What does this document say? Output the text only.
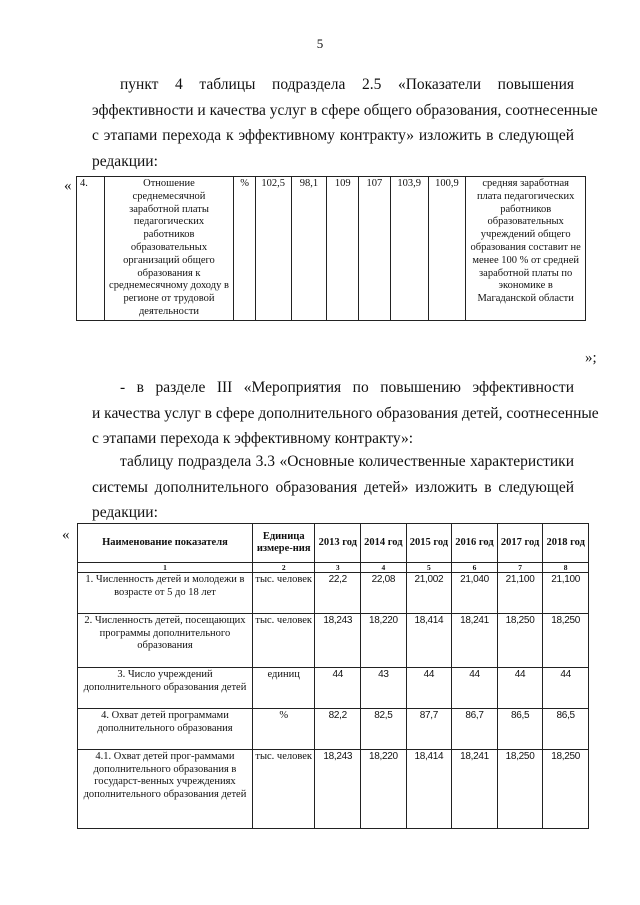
5
пункт 4 таблицы подраздела 2.5 «Показатели повышения
эффективности и качества услуг в сфере общего образования, соотнесенные
с этапами перехода к эффективному контракту» изложить в следующей
редакции:
« 4.	Отношение среднемесячной заработной платы педагогических работников образовательных организаций общего образования к среднемесячному доходу в регионе от трудовой деятельности	%	102,5	98,1	109	107	103,9	100,9	средняя заработная плата педагогических работников образовательных учреждений общего образования составит не менее 100 % от средней заработной платы по экономике в Магаданской области
»;
- в разделе III «Мероприятия по повышению эффективности
и качества услуг в сфере дополнительного образования детей, соотнесенные
с этапами перехода к эффективному контракту»:
таблицу подраздела 3.3 «Основные количественные характеристики
системы дополнительного образования детей» изложить в следующей
редакции:
«	Наименование показателя	Единица измере-ния	2013 год	2014 год	2015 год	2016 год	2017 год	2018 год
1	2	3	4	5	6	7	8
1. Численность детей и молодежи в возрасте от 5 до 18 лет	тыс. человек	22,2	22,08	21,002	21,040	21,100	21,100
2. Численность детей, посещающих программы дополнительного образования	тыс. человек	18,243	18,220	18,414	18,241	18,250	18,250
3. Число учреждений дополнительного образования детей	единиц	44	43	44	44	44	44
4. Охват детей программами дополнительного образования	%	82,2	82,5	87,7	86,7	86,5	86,5
4.1. Охват детей прог-раммами дополнительного образования в государст-венных учреждениях дополнительного образования детей	тыс. человек	18,243	18,220	18,414	18,241	18,250	18,250
